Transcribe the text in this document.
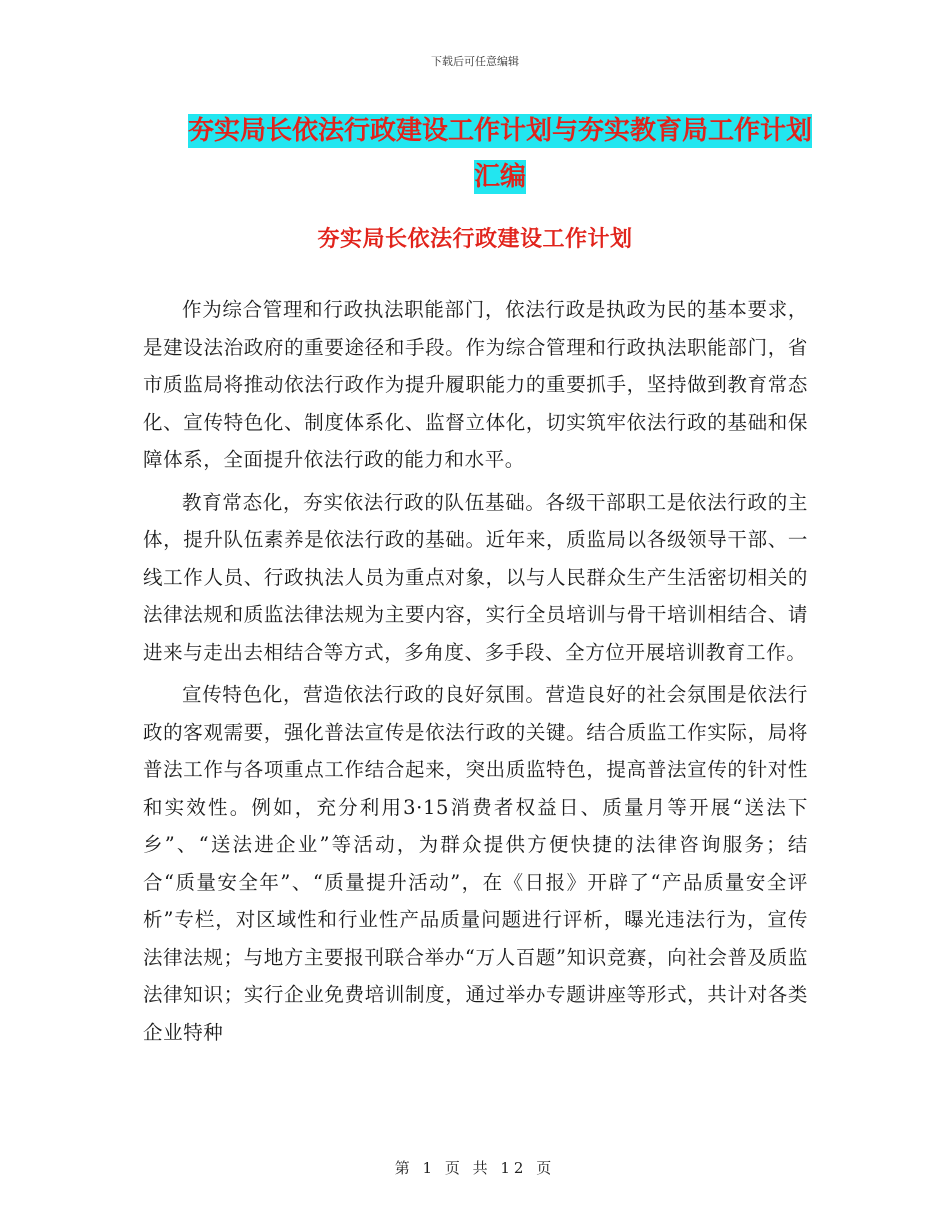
下载后可任意编辑
夯实局长依法行政建设工作计划与夯实教育局工作计划汇编
夯实局长依法行政建设工作计划

作为综合管理和行政执法职能部门，依法行政是执政为民的基本要求，是建设法治政府的重要途径和手段。作为综合管理和行政执法职能部门，省市质监局将推动依法行政作为提升履职能力的重要抓手，坚持做到教育常态化、宣传特色化、制度体系化、监督立体化，切实筑牢依法行政的基础和保障体系，全面提升依法行政的能力和水平。

教育常态化，夯实依法行政的队伍基础。各级干部职工是依法行政的主体，提升队伍素养是依法行政的基础。近年来，质监局以各级领导干部、一线工作人员、行政执法人员为重点对象，以与人民群众生产生活密切相关的法律法规和质监法律法规为主要内容，实行全员培训与骨干培训相结合、请进来与走出去相结合等方式，多角度、多手段、全方位开展培训教育工作。

宣传特色化，营造依法行政的良好氛围。营造良好的社会氛围是依法行政的客观需要，强化普法宣传是依法行政的关键。结合质监工作实际，局将普法工作与各项重点工作结合起来，突出质监特色，提高普法宣传的针对性和实效性。例如，充分利用3·15消费者权益日、质量月等开展“送法下乡”、“送法进企业”等活动，为群众提供方便快捷的法律咨询服务；结合“质量安全年”、“质量提升活动”，在《日报》开辟了“产品质量安全评析”专栏，对区域性和行业性产品质量问题进行评析，曝光违法行为，宣传法律法规；与地方主要报刊联合举办“万人百题”知识竞赛，向社会普及质监法律知识；实行企业免费培训制度，通过举办专题讲座等形式，共计对各类企业特种

第 1 页 共 12 页
